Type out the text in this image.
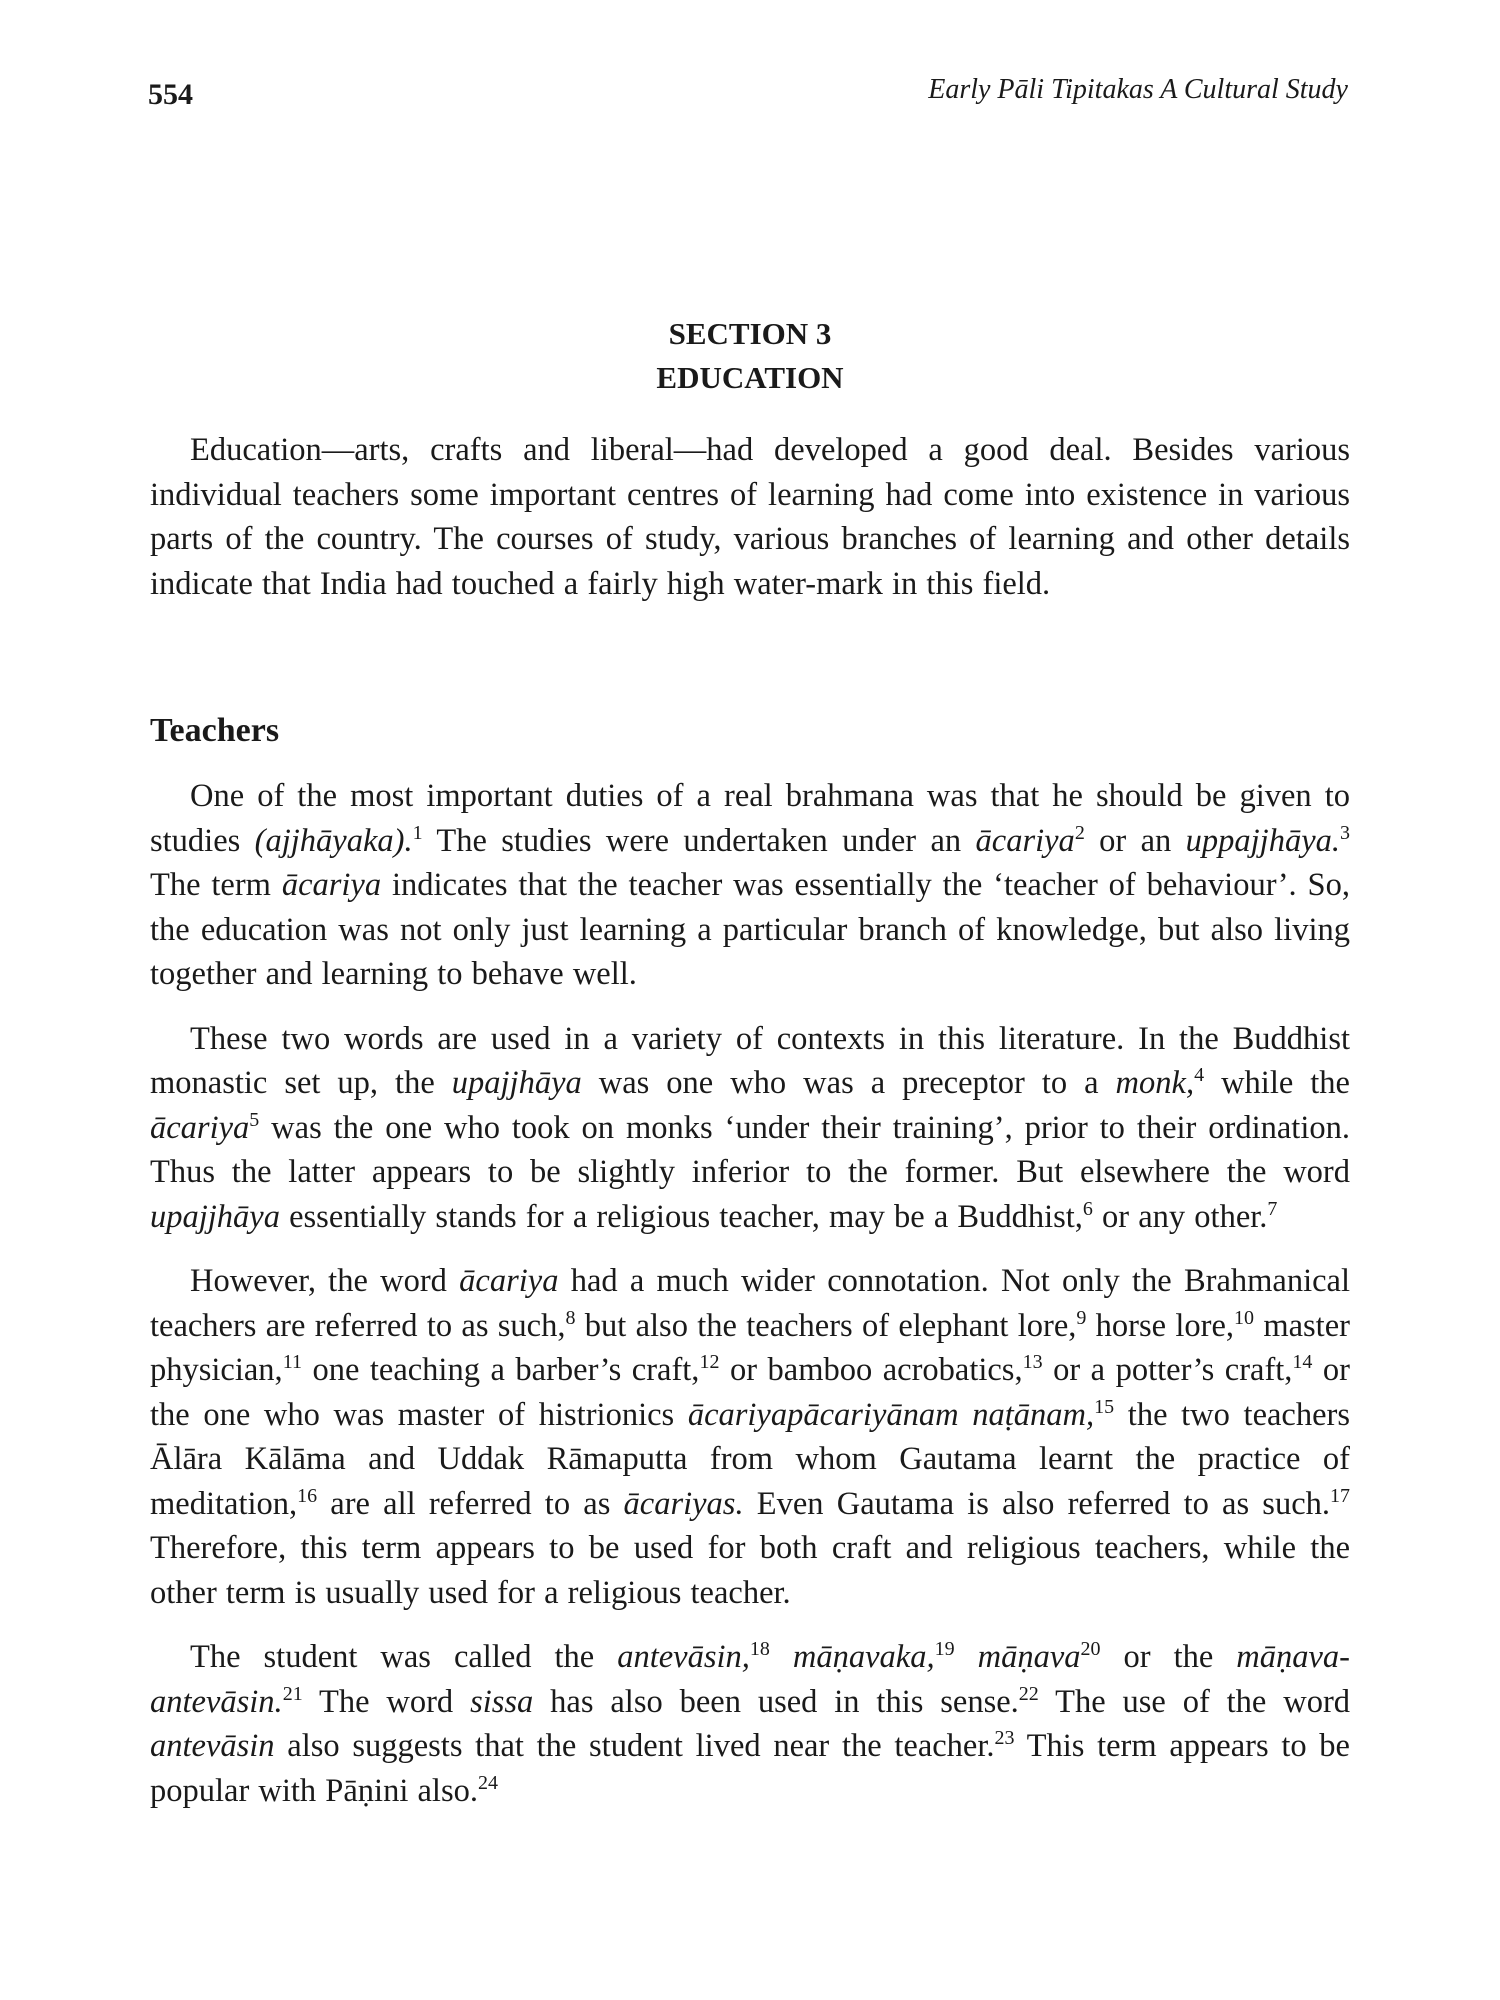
554	Early Pāli Tipitakas A Cultural Study
SECTION 3
EDUCATION

Education—arts, crafts and liberal—had developed a good deal. Besides various individual teachers some important centres of learning had come into existence in various parts of the country. The courses of study, various branches of learning and other details indicate that India had touched a fairly high water-mark in this field.

Teachers

One of the most important duties of a real brahmana was that he should be given to studies (ajjhāyaka).$^1$ The studies were undertaken under an ācariya$^2$ or an uppajjhāya.$^3$ The term ācariya indicates that the teacher was essentially the ‘teacher of behaviour’. So, the education was not only just learning a particular branch of knowledge, but also living together and learning to behave well.

These two words are used in a variety of contexts in this literature. In the Buddhist monastic set up, the upajjhāya was one who was a preceptor to a monk,$^4$ while the ācariya$^5$ was the one who took on monks ‘under their training’, prior to their ordination. Thus the latter appears to be slightly inferior to the former. But elsewhere the word upajjhāya essentially stands for a religious teacher, may be a Buddhist,$^6$ or any other.$^7$

However, the word ācariya had a much wider connotation. Not only the Brahmanical teachers are referred to as such,$^8$ but also the teachers of elephant lore,$^9$ horse lore,$^{10}$ master physician,$^{11}$ one teaching a barber’s craft,$^{12}$ or bamboo acrobatics,$^{13}$ or a potter’s craft,$^{14}$ or the one who was master of histrionics ācariyapācariyānam naṭānam,$^{15}$ the two teachers Ālāra Kālāma and Uddak Rāmaputta from whom Gautama learnt the practice of meditation,$^{16}$ are all referred to as ācariyas. Even Gautama is also referred to as such.$^{17}$ Therefore, this term appears to be used for both craft and religious teachers, while the other term is usually used for a religious teacher.

The student was called the antevāsin,$^{18}$ māṇavaka,$^{19}$ māṇava$^{20}$ or the māṇava-antevāsin.$^{21}$ The word sissa has also been used in this sense.$^{22}$ The use of the word antevāsin also suggests that the student lived near the teacher.$^{23}$ This term appears to be popular with Pāṇini also.$^{24}$
